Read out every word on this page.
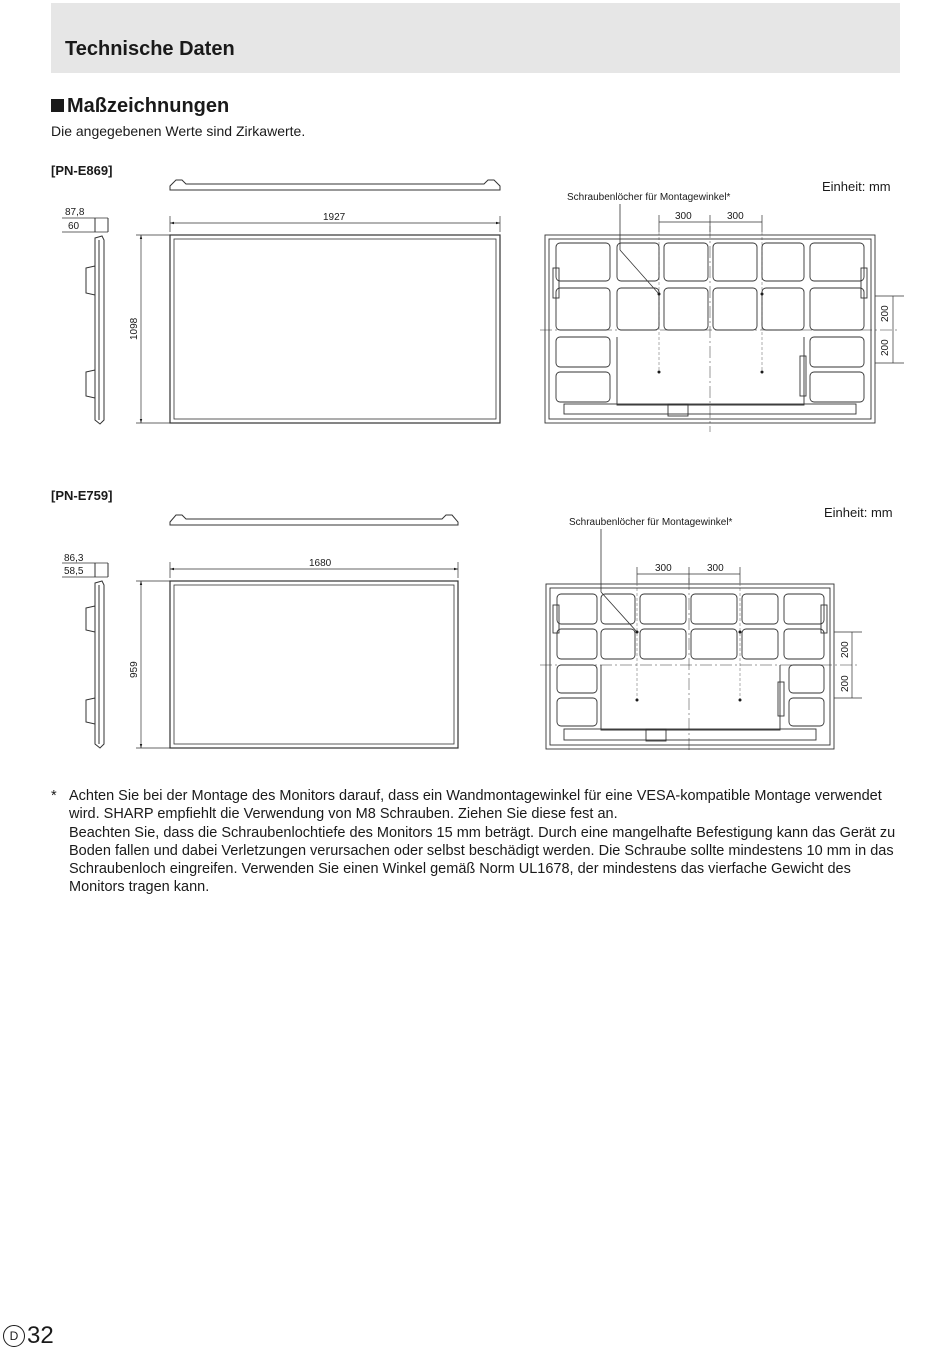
Technische Daten
Maßzeichnungen
Die angegebenen Werte sind Zirkawerte.
[PN-E869]
[PN-E759]
87,8
60
1927
1098
Einheit: mm
Schraubenlöcher für Montagewinkel*
300	300
200
200
86,3
58,5
1680
959
Einheit: mm
Schraubenlöcher für Montagewinkel*
300	300
200
200
* Achten Sie bei der Montage des Monitors darauf, dass ein Wandmontagewinkel für eine VESA-kompatible Montage verwendet wird. SHARP empfiehlt die Verwendung von M8 Schrauben. Ziehen Sie diese fest an.

Beachten Sie, dass die Schraubenlochtiefe des Monitors 15 mm beträgt. Durch eine mangelhafte Befestigung kann das Gerät zu Boden fallen und dabei Verletzungen verursachen oder selbst beschädigt werden. Die Schraube sollte mindestens 10 mm in das Schraubenloch eingreifen. Verwenden Sie einen Winkel gemäß Norm UL1678, der mindestens das vierfache Gewicht des Monitors tragen kann.

D 32
